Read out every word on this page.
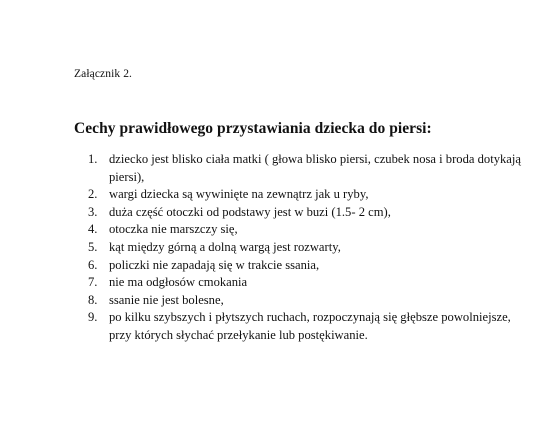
Załącznik 2.
Cechy prawidłowego przystawiania dziecka do piersi:
1. dziecko jest blisko ciała matki ( głowa blisko piersi, czubek nosa i broda dotykają piersi),
2. wargi dziecka są wywinięte na zewnątrz jak u ryby,
3. duża część otoczki od podstawy jest w buzi (1.5- 2 cm),
4. otoczka nie marszczy się,
5. kąt między górną a dolną wargą jest rozwarty,
6. policzki nie zapadają się w trakcie ssania,
7. nie ma odgłosów cmokania
8. ssanie nie jest bolesne,
9. po kilku szybszych i płytszych ruchach, rozpoczynają się głębsze powolniejsze, przy których słychać przełykanie lub postękiwanie.
